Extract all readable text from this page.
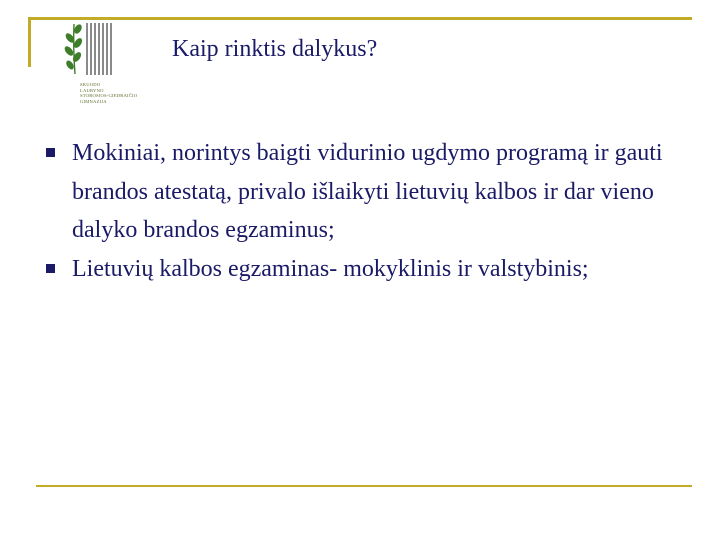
SKUODO
LAURYNO
STOROSIOS-GIEDRAIČIO
GIMNAZIJA
Kaip rinktis dalykus?
Mokiniai, norintys baigti vidurinio ugdymo programą ir gauti brandos atestatą, privalo išlaikyti lietuvių kalbos ir dar vieno dalyko brandos egzaminus;
Lietuvių kalbos egzaminas- mokyklinis ir valstybinis;
